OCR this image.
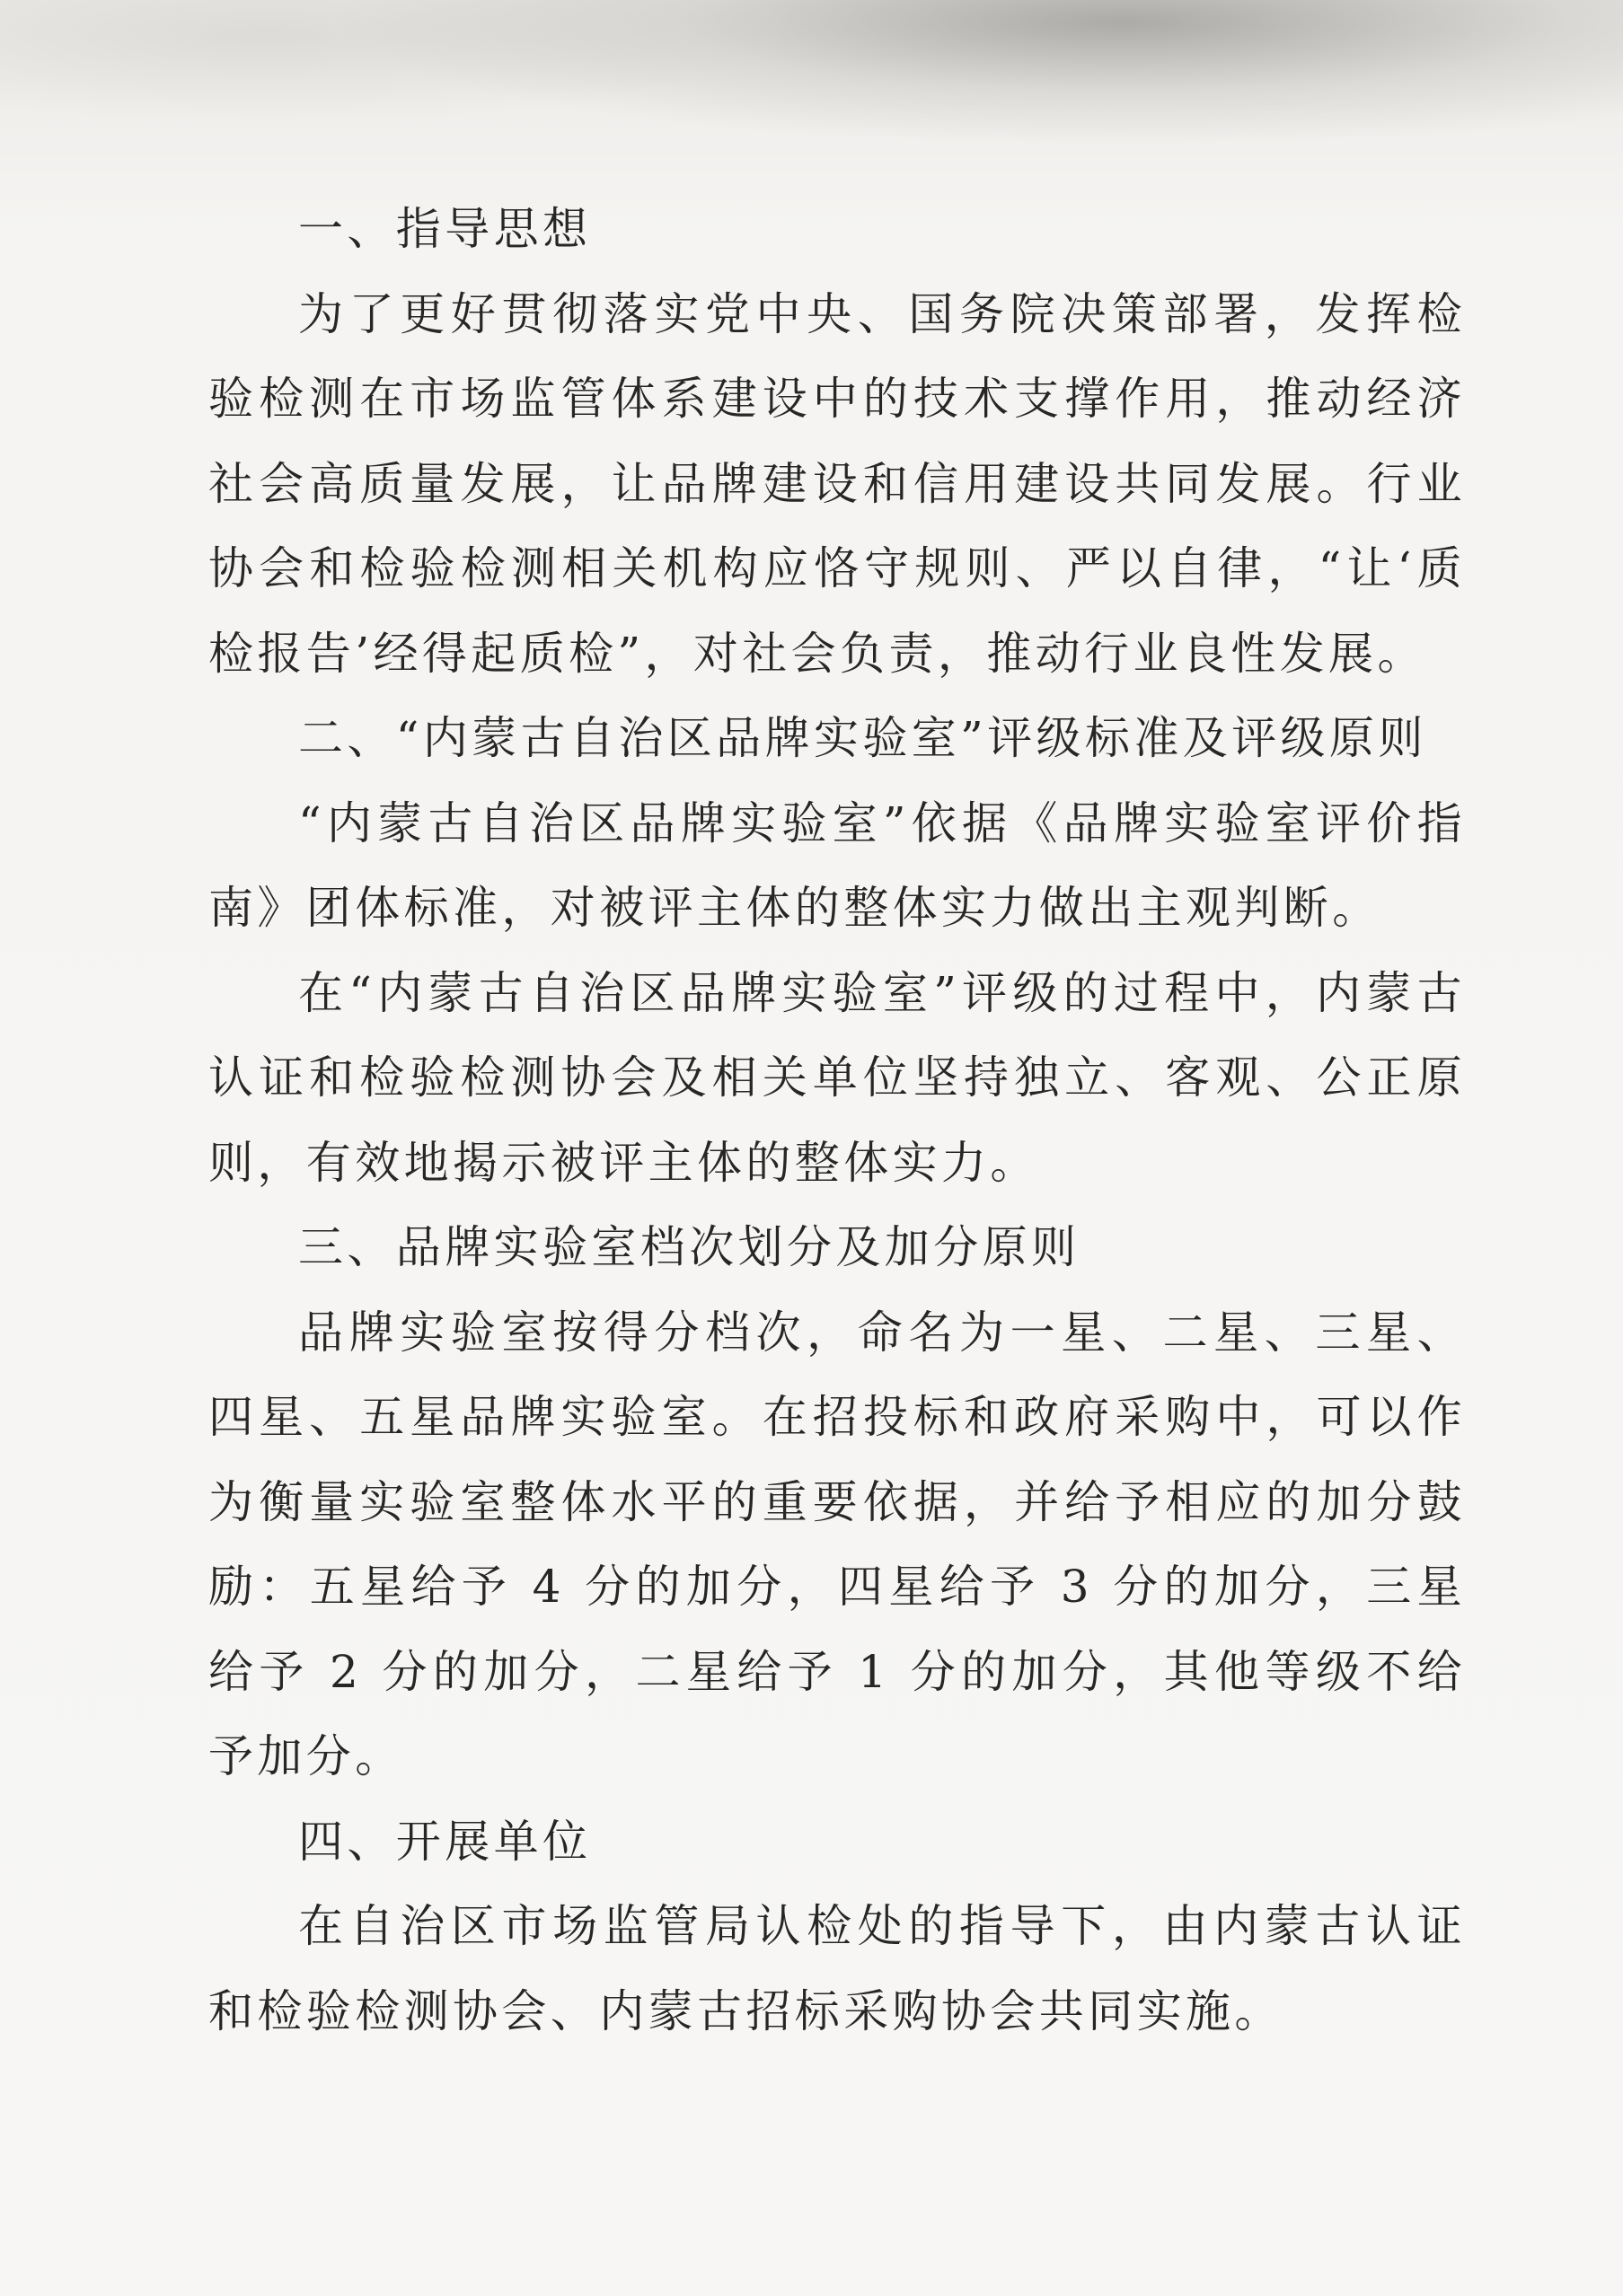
一、指导思想

为了更好贯彻落实党中央、国务院决策部署，发挥检验检测在市场监管体系建设中的技术支撑作用，推动经济社会高质量发展，让品牌建设和信用建设共同发展。行业协会和检验检测相关机构应恪守规则、严以自律，“让‘质检报告’经得起质检”，对社会负责，推动行业良性发展。

二、“内蒙古自治区品牌实验室”评级标准及评级原则

“内蒙古自治区品牌实验室”依据《品牌实验室评价指南》团体标准，对被评主体的整体实力做出主观判断。

在“内蒙古自治区品牌实验室”评级的过程中，内蒙古认证和检验检测协会及相关单位坚持独立、客观、公正原则，有效地揭示被评主体的整体实力。

三、品牌实验室档次划分及加分原则

品牌实验室按得分档次，命名为一星、二星、三星、四星、五星品牌实验室。在招投标和政府采购中，可以作为衡量实验室整体水平的重要依据，并给予相应的加分鼓励：五星给予 4 分的加分，四星给予 3 分的加分，三星给予 2 分的加分，二星给予 1 分的加分，其他等级不给予加分。

四、开展单位

在自治区市场监管局认检处的指导下，由内蒙古认证和检验检测协会、内蒙古招标采购协会共同实施。
